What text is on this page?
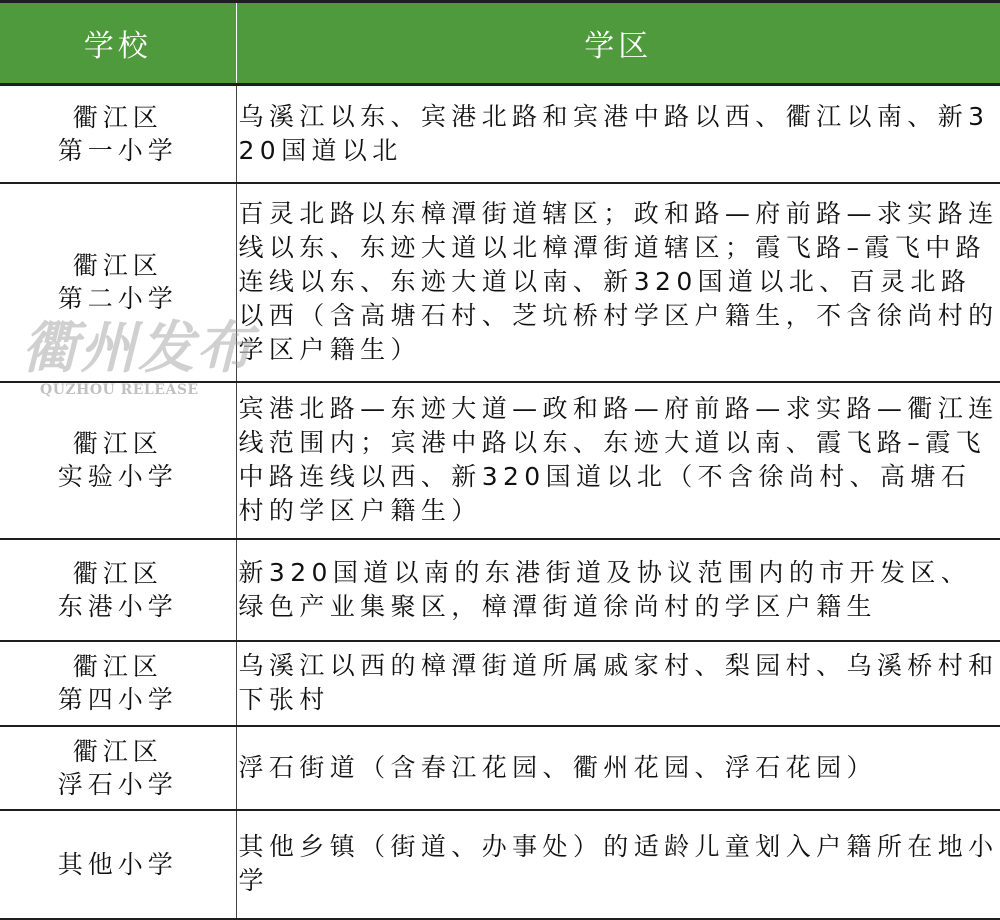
学校	学区

衢江区
第一小学	乌溪江以东、宾港北路和宾港中路以西、衢江以南、新320国道以北

衢江区
第二小学	百灵北路以东樟潭街道辖区；政和路—府前路—求实路连线以东、东迹大道以北樟潭街道辖区；霞飞路–霞飞中路连线以东、东迹大道以南、新320国道以北、百灵北路以西（含高塘石村、芝坑桥村学区户籍生，不含徐尚村的学区户籍生）

衢江区
实验小学	宾港北路—东迹大道—政和路—府前路—求实路—衢江连线范围内；宾港中路以东、东迹大道以南、霞飞路–霞飞中路连线以西、新320国道以北（不含徐尚村、高塘石村的学区户籍生）

衢江区
东港小学	新320国道以南的东港街道及协议范围内的市开发区、绿色产业集聚区，樟潭街道徐尚村的学区户籍生

衢江区
第四小学	乌溪江以西的樟潭街道所属戚家村、梨园村、乌溪桥村和下张村

衢江区
浮石小学	浮石街道（含春江花园、衢州花园、浮石花园）

其他小学	其他乡镇（街道、办事处）的适龄儿童划入户籍所在地小学
衢州发布
QUZHOU RELEASE
